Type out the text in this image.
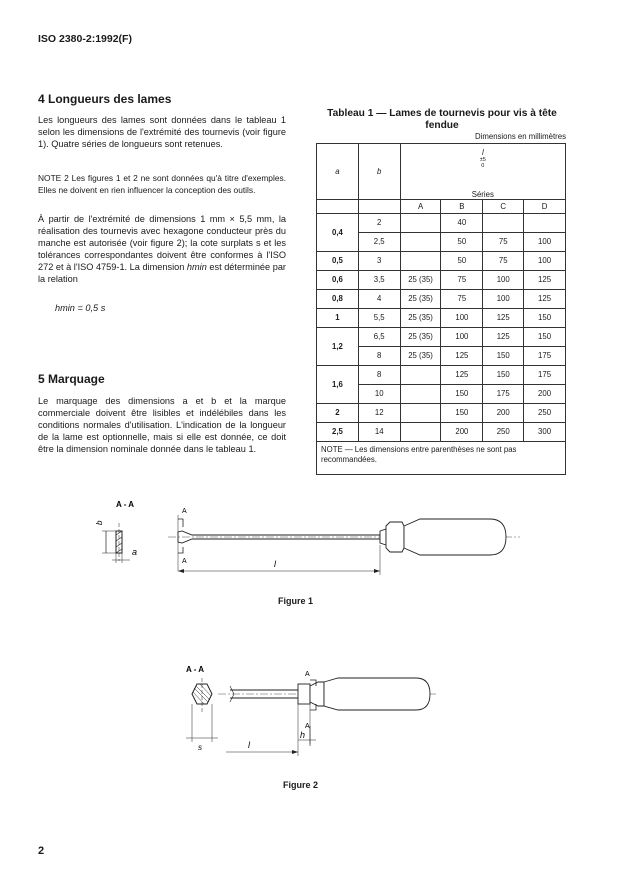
ISO 2380-2:1992(F)
4 Longueurs des lames
Les longueurs des lames sont données dans le tableau 1 selon les dimensions de l'extrémité des tournevis (voir figure 1). Quatre séries de longueurs sont retenues.
NOTE 2 Les figures 1 et 2 ne sont données qu'à titre d'exemples. Elles ne doivent en rien influencer la conception des outils.
À partir de l'extrémité de dimensions 1 mm × 5,5 mm, la réalisation des tournevis avec hexagone conducteur près du manche est autorisée (voir figure 2); la cote surplats s et les tolérances correspondantes doivent être conformes à l'ISO 272 et à l'ISO 4759-1. La dimension hmin est déterminée par la relation
hmin = 0,5 s
5 Marquage
Le marquage des dimensions a et b et la marque commerciale doivent être lisibles et indélébiles dans les conditions normales d'utilisation. L'indication de la longueur de la lame est optionnelle, mais si elle est donnée, ce doit être la dimension nominale donnée dans le tableau 1.
Tableau 1 — Lames de tournevis pour vis à tête fendue
Dimensions en millimètres
a	b	l
±5
0			

		Séries			
		A	B	C	D
0,4	2		40		
	2,5		50	75	100
0,5	3		50	75	100
0,6	3,5	25 (35)	75	100	125
0,8	4	25 (35)	75	100	125
1	5,5	25 (35)	100	125	150
1,2	6,5	25 (35)	100	125	150
	8	25 (35)	125	150	175
1,6	8		125	150	175
	10		150	175	200
2	12		150	200	250
2,5	14		200	250	300
NOTE — Les dimensions entre parenthèses ne sont pas recommandées.					
A - A
b
a
A
A	l
Figure 1
A - A
s
A
A
l
h
Figure 2
2
